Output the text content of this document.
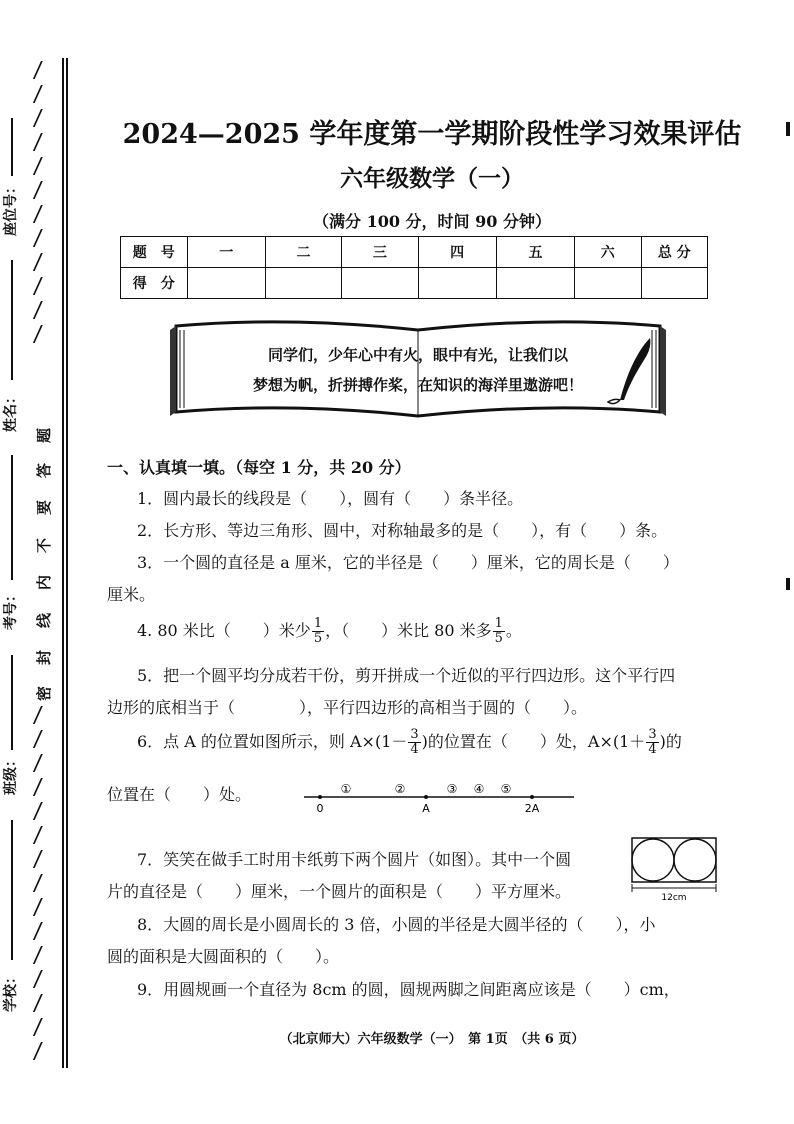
/
/
/
/
/
/
/
/
/
/
/
/
/
/
/
/
/
/
/
/
/
/
/
/
/
/
/
题
答
要
不
内
线
封
密
学校：
班级：
考号：
姓名：
座位号：
2024—2025 学年度第一学期阶段性学习效果评估
六年级数学（一）
（满分 100 分，时间 90 分钟）
题　号	一	二	三	四	五	六	总 分
得　分							
同学们，少年心中有火，眼中有光，让我们以
梦想为帆，折拼搏作桨，在知识的海洋里遨游吧！
一、认真填一填。（每空 1 分，共 20 分）
1．圆内最长的线段是（　　），圆有（　　）条半径。
2．长方形、等边三角形、圆中，对称轴最多的是（　　），有（　　）条。
3．一个圆的直径是 a 厘米，它的半径是（　　）厘米，它的周长是（　　）
厘米。
4. 80 米比（　　）米少 $\frac{1}{5}$ ，（　　）米比 80 米多 $\frac{1}{5}$ 。
5．把一个圆平均分成若干份，剪开拼成一个近似的平行四边形。这个平行四
边形的底相当于（　　　　），平行四边形的高相当于圆的（　　）。
6．点 A 的位置如图所示，则 $A\times(1- \frac{3}{4}$ )的位置在（　　）处，$A\times(1+ \frac{3}{4}$ )的
位置在（　　）处。
0	A	2A
①	②	③ ④ ⑤
7．笑笑在做手工时用卡纸剪下两个圆片（如图）。其中一个圆
片的直径是（　　）厘米，一个圆片的面积是（　　）平方厘米。	12cm
8．大圆的周长是小圆周长的 3 倍，小圆的半径是大圆半径的（　　），小
圆的面积是大圆面积的（　　）。
9．用圆规画一个直径为 8cm 的圆，圆规两脚之间距离应该是（　　）cm，
（北京师大）六年级数学（一）　第 1页　（共 6 页）
